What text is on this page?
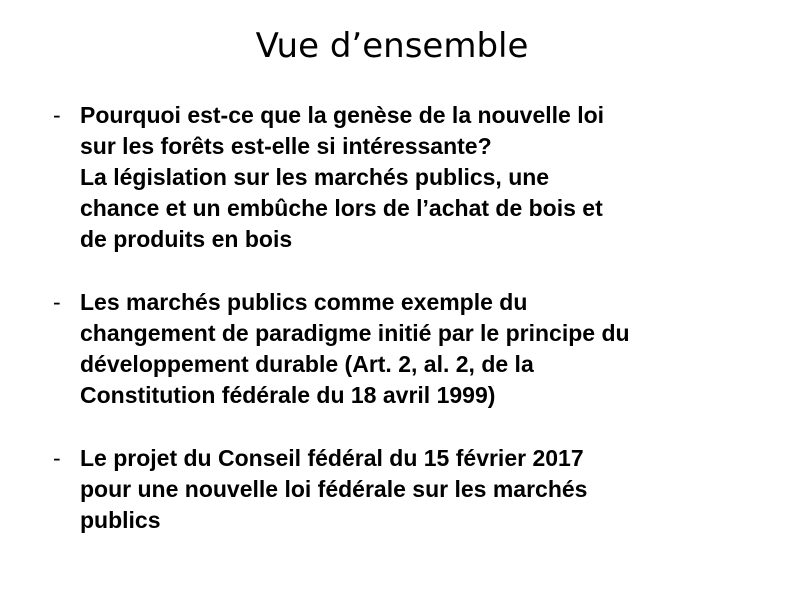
Vue d’ensemble
- Pourquoi est-ce que la genèse de la nouvelle loi
sur les forêts est-elle si intéressante?
La législation sur les marchés publics, une
chance et un embûche lors de l’achat de bois et
de produits en bois
- Les marchés publics comme exemple du
changement de paradigme initié par le principe du
développement durable (Art. 2, al. 2, de la
Constitution fédérale du 18 avril 1999)
- Le projet du Conseil fédéral du 15 février 2017
pour une nouvelle loi fédérale sur les marchés
publics
